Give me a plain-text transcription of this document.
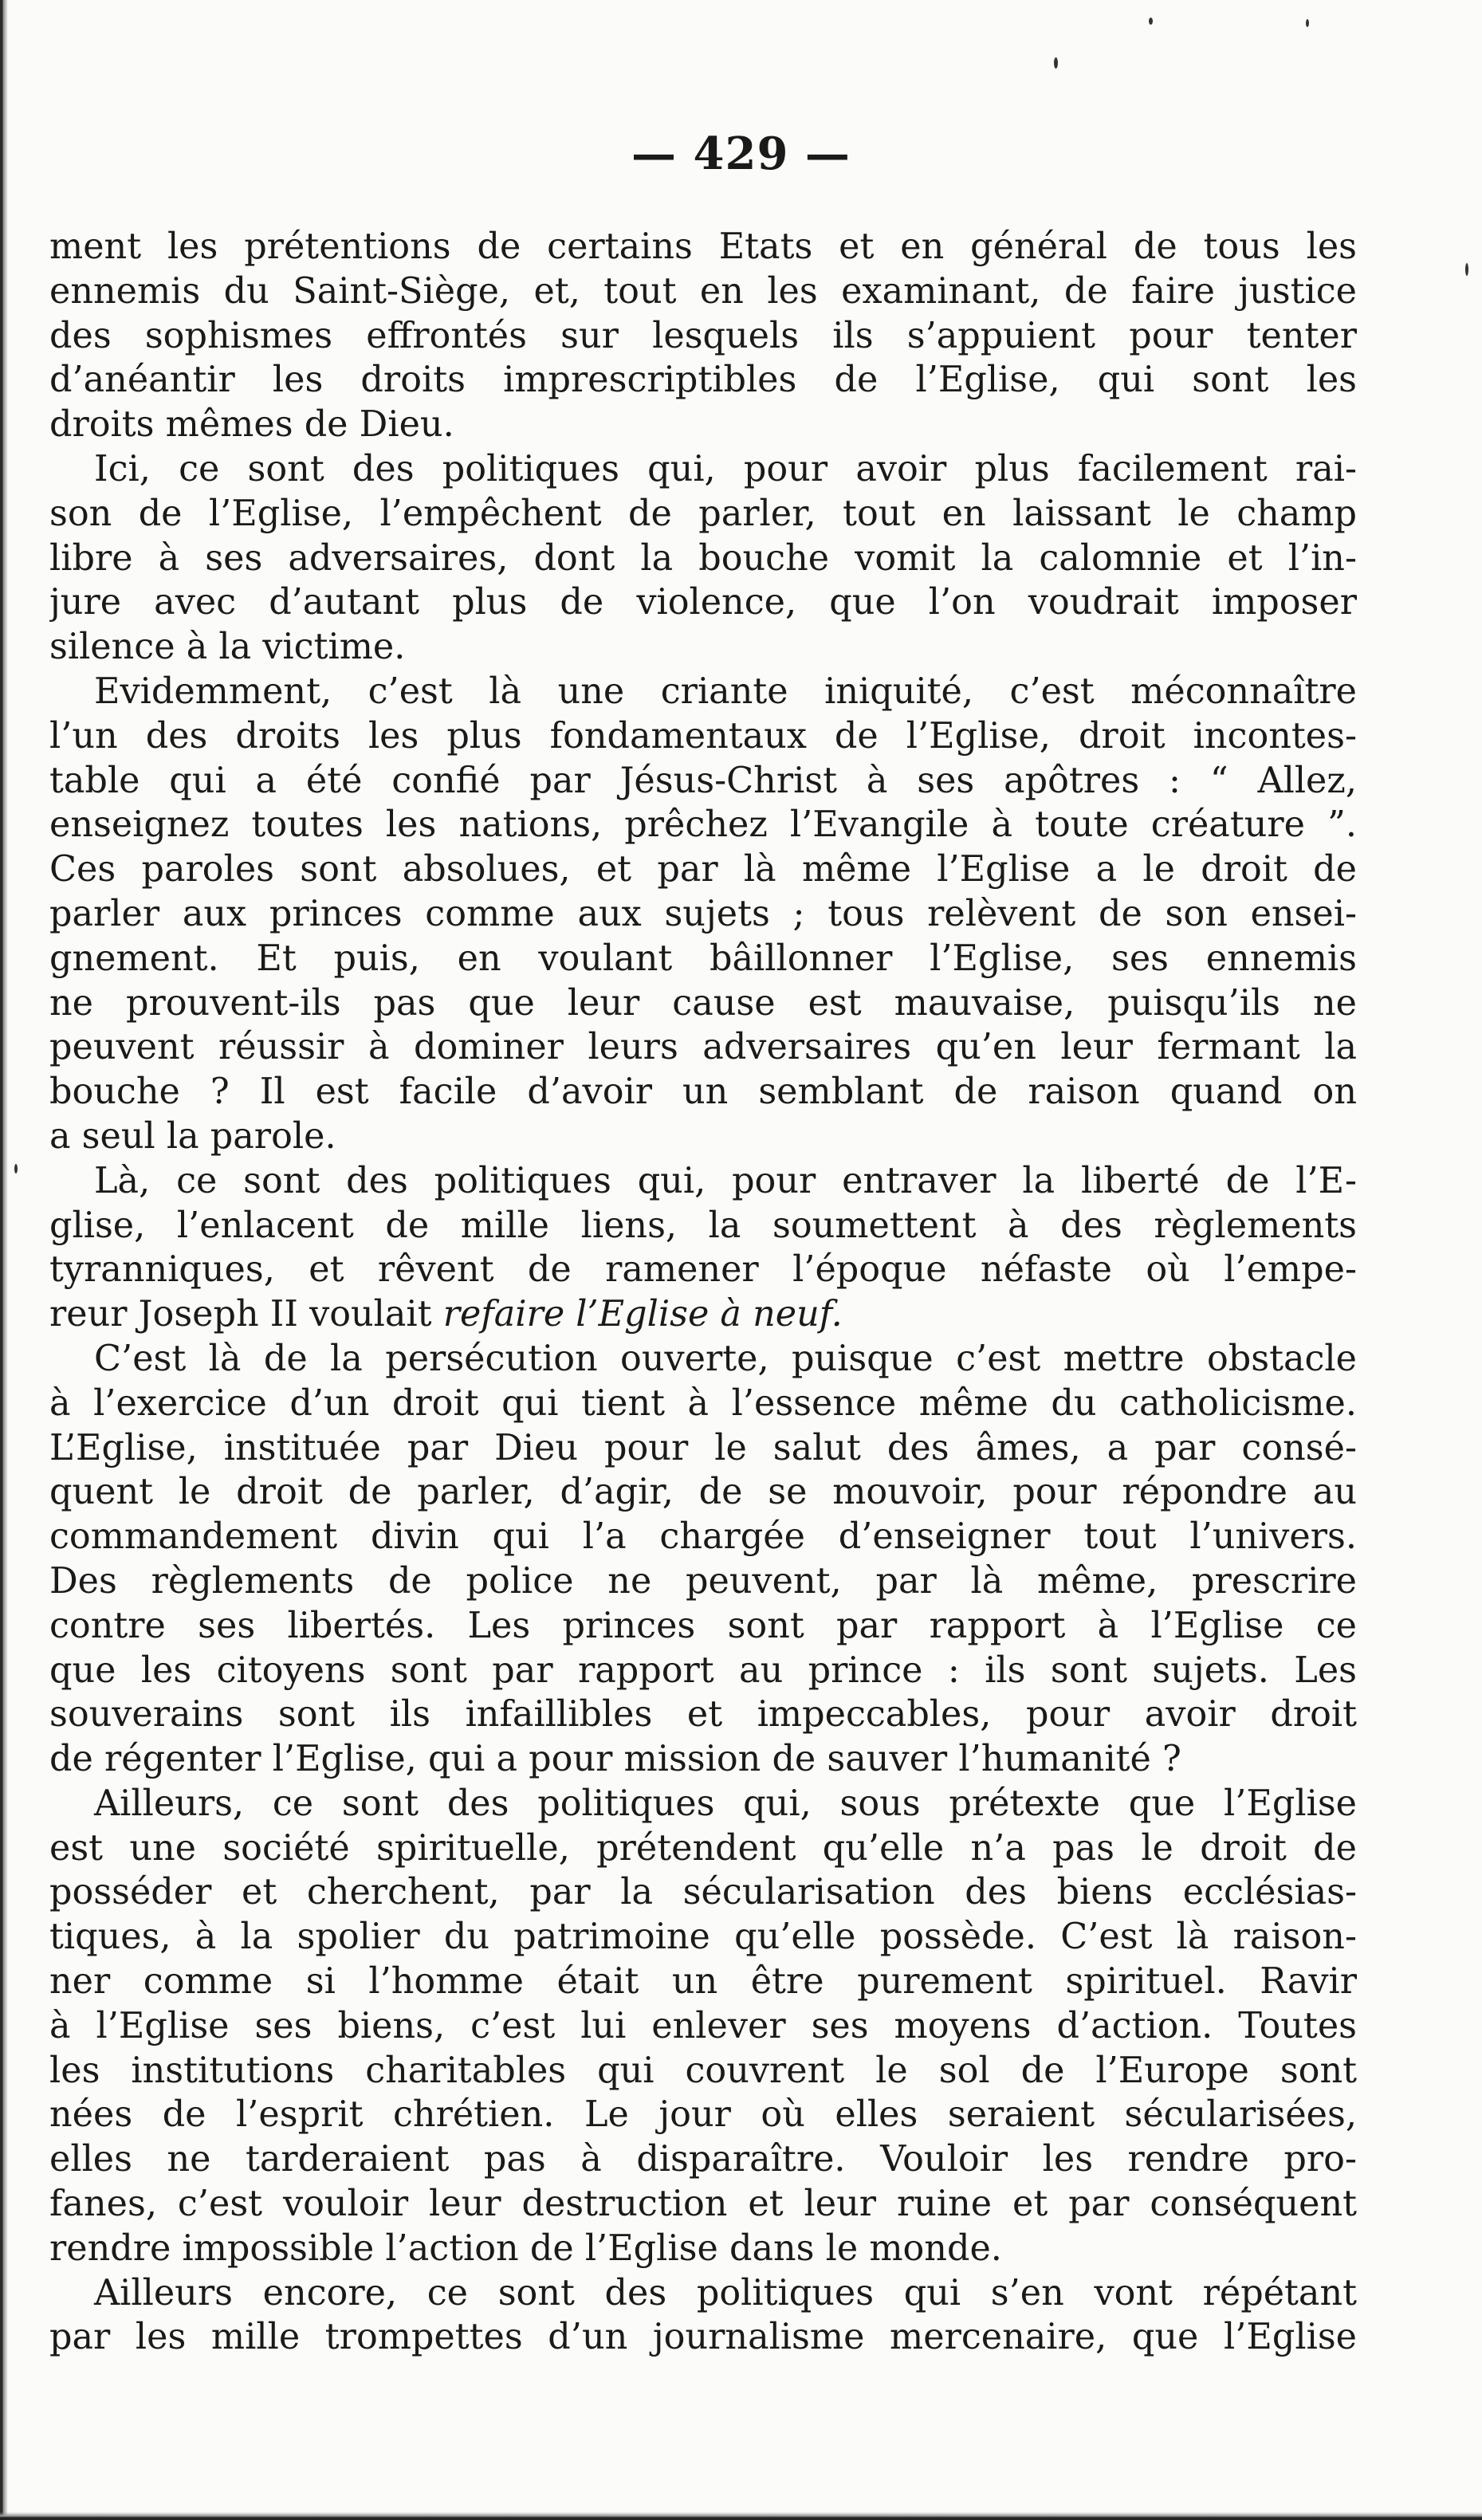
— 429 —
ment les prétentions de certains Etats et en général de tous les
ennemis du Saint-Siège, et, tout en les examinant, de faire justice
des sophismes effrontés sur lesquels ils s’appuient pour tenter
d’anéantir les droits imprescriptibles de l’Eglise, qui sont les
droits mêmes de Dieu.
Ici, ce sont des politiques qui, pour avoir plus facilement rai-
son de l’Eglise, l’empêchent de parler, tout en laissant le champ
libre à ses adversaires, dont la bouche vomit la calomnie et l’in-
jure avec d’autant plus de violence, que l’on voudrait imposer
silence à la victime.
Evidemment, c’est là une criante iniquité, c’est méconnaître
l’un des droits les plus fondamentaux de l’Eglise, droit incontes-
table qui a été confié par Jésus-Christ à ses apôtres : “ Allez,
enseignez toutes les nations, prêchez l’Evangile à toute créature ”.
Ces paroles sont absolues, et par là même l’Eglise a le droit de
parler aux princes comme aux sujets ; tous relèvent de son ensei-
gnement. Et puis, en voulant bâillonner l’Eglise, ses ennemis
ne prouvent-ils pas que leur cause est mauvaise, puisqu’ils ne
peuvent réussir à dominer leurs adversaires qu’en leur fermant la
bouche ? Il est facile d’avoir un semblant de raison quand on
a seul la parole.
Là, ce sont des politiques qui, pour entraver la liberté de l’E-
glise, l’enlacent de mille liens, la soumettent à des règlements
tyranniques, et rêvent de ramener l’époque néfaste où l’empe-
reur Joseph II voulait refaire l’Eglise à neuf.
C’est là de la persécution ouverte, puisque c’est mettre obstacle
à l’exercice d’un droit qui tient à l’essence même du catholicisme.
L’Eglise, instituée par Dieu pour le salut des âmes, a par consé-
quent le droit de parler, d’agir, de se mouvoir, pour répondre au
commandement divin qui l’a chargée d’enseigner tout l’univers.
Des règlements de police ne peuvent, par là même, prescrire
contre ses libertés. Les princes sont par rapport à l’Eglise ce
que les citoyens sont par rapport au prince : ils sont sujets. Les
souverains sont ils infaillibles et impeccables, pour avoir droit
de régenter l’Eglise, qui a pour mission de sauver l’humanité ?
Ailleurs, ce sont des politiques qui, sous prétexte que l’Eglise
est une société spirituelle, prétendent qu’elle n’a pas le droit de
posséder et cherchent, par la sécularisation des biens ecclésias-
tiques, à la spolier du patrimoine qu’elle possède. C’est là raison-
ner comme si l’homme était un être purement spirituel. Ravir
à l’Eglise ses biens, c’est lui enlever ses moyens d’action. Toutes
les institutions charitables qui couvrent le sol de l’Europe sont
nées de l’esprit chrétien. Le jour où elles seraient sécularisées,
elles ne tarderaient pas à disparaître. Vouloir les rendre pro-
fanes, c’est vouloir leur destruction et leur ruine et par conséquent
rendre impossible l’action de l’Eglise dans le monde.
Ailleurs encore, ce sont des politiques qui s’en vont répétant
par les mille trompettes d’un journalisme mercenaire, que l’Eglise
